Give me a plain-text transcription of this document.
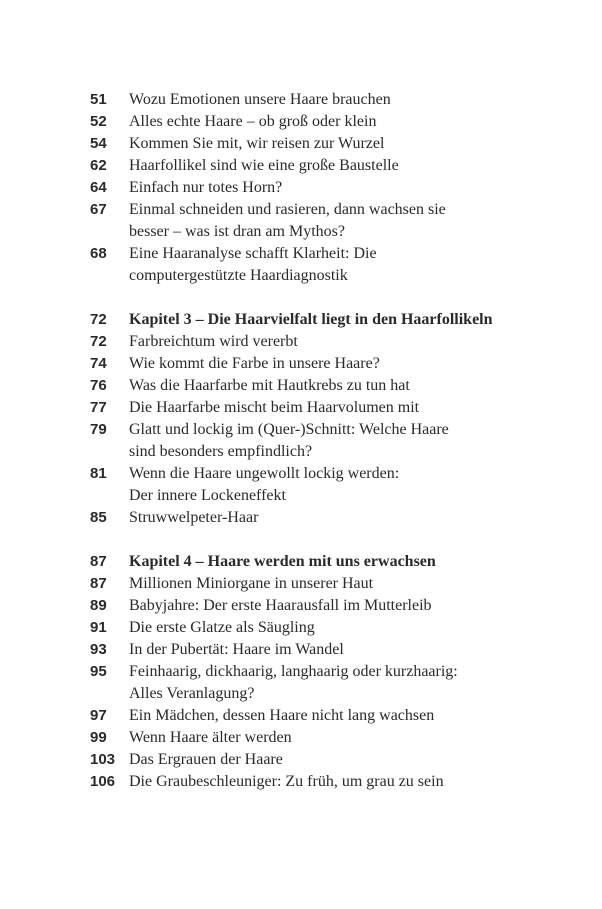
51	Wozu Emotionen unsere Haare brauchen
52	Alles echte Haare – ob groß oder klein
54	Kommen Sie mit, wir reisen zur Wurzel
62	Haarfollikel sind wie eine große Baustelle
64	Einfach nur totes Horn?
67	Einmal schneiden und rasieren, dann wachsen sie
besser – was ist dran am Mythos?
68	Eine Haaranalyse schafft Klarheit: Die
computergestützte Haardiagnostik
72	Kapitel 3 – Die Haarvielfalt liegt in den Haarfollikeln
72	Farbreichtum wird vererbt
74	Wie kommt die Farbe in unsere Haare?
76	Was die Haarfarbe mit Hautkrebs zu tun hat
77	Die Haarfarbe mischt beim Haarvolumen mit
79	Glatt und lockig im (Quer-)Schnitt: Welche Haare
sind besonders empfindlich?
81	Wenn die Haare ungewollt lockig werden:
Der innere Lockeneffekt
85	Struwwelpeter-Haar
87	Kapitel 4 – Haare werden mit uns erwachsen
87	Millionen Miniorgane in unserer Haut
89	Babyjahre: Der erste Haarausfall im Mutterleib
91	Die erste Glatze als Säugling
93	In der Pubertät: Haare im Wandel
95	Feinhaarig, dickhaarig, langhaarig oder kurzhaarig:
Alles Veranlagung?
97	Ein Mädchen, dessen Haare nicht lang wachsen
99	Wenn Haare älter werden
103 Das Ergrauen der Haare
106 Die Graubeschleuniger: Zu früh, um grau zu sein
